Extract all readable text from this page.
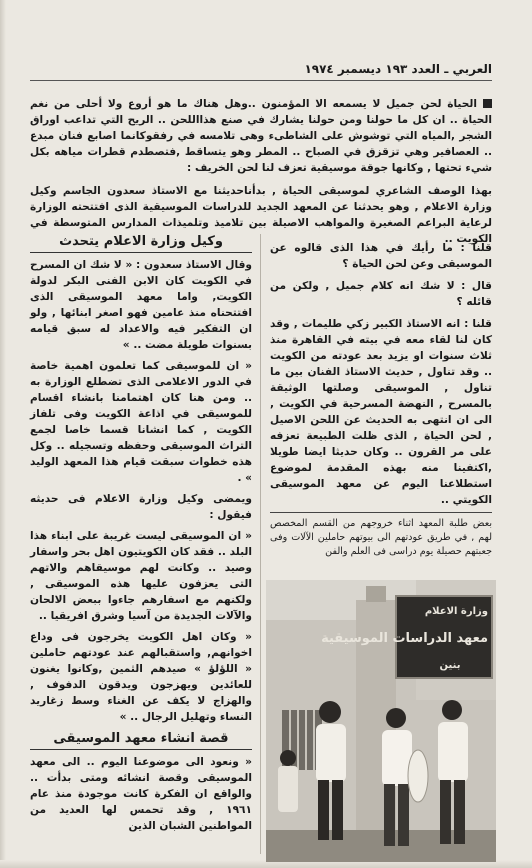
العربي ـ العدد ١٩٣ ديسمبر ١٩٧٤
الحياة لحن جميل لا يسمعه الا المؤمنون ..وهل هناك ما هو أروع ولا أحلى من نغم الحياة .. ان كل ما حولنا ومن حولنا يشارك في صنع هذااللحن .. الريح التي تداعب اوراق الشجر ,المياه التي توشوش على الشاطىء وهى تلامسه في رفقوكانما اصابع فنان مبدع .. العصافير وهي تزقزق في الصباح .. المطر وهو يتساقط ,فتصطدم قطرات مياهه بكل شيء تحتها , وكانها جوقة موسيقية تعزف لنا لحن الخريف :
بهذا الوصف الشاعري لموسيقى الحياة , بدأناحديثنا مع الاستاذ سعدون الجاسم وكيل وزارة الاعلام , وهو يحدثنا عن المعهد الجديد للدراسات الموسيقية الذى افتتحته الوزارة لرعاية البراعم الصغيرة والمواهب الاصيلة بين تلاميذ وتلميذات المدارس المتوسطة في الكويت ..

قلنا : ما رأيك في هذا الذى قالوه عن الموسيقى وعن لحن الحياة ؟

قال : لا شك انه كلام جميل , ولكن من قائله ؟

قلنا : انه الاستاذ الكبير زكي طليمات , وقد كان لنا لقاء معه في بيته في القاهرة منذ ثلاث سنوات او يزيد بعد عودته من الكويت .. وقد تناول , حديث الاستاذ الفنان بين ما تناول , الموسيقى وصلتها الوثيقة بالمسرح , النهضة المسرحية في الكويت , الى ان انتهى به الحديث عن اللحن الاصيل , لحن الحياة , الذى ظلت الطبيعة تعزفه على مر القرون .. وكان حديثا ايضا طويلا ,اكتفينا منه بهذه المقدمة لموضوع استطلاعنا اليوم عن معهد الموسيقى الكويتي ..

بعض طلبة المعهد اثناء خروجهم من القسم المخصص لهم , في طريق عودتهم الى بيوتهم حاملين الآلات وفى جعبتهم حصيلة يوم دراسى فى العلم والفن
وزارة الاعلام
معهد الدراسات الموسيقية
بنين
وكيل وزارة الاعلام يتحدث

وقال الاستاذ سعدون : « لا شك ان المسرح في الكويت كان الابن الفنى البكر لدولة الكويت, واما معهد الموسيقى الذى افتتحناه منذ عامين فهو اصغر ابنائها , ولو ان التفكير فيه والاعداد له سبق قيامه بسنوات طويلة مضت .. »

« ان للموسيقى كما تعلمون اهمية خاصة في الدور الاعلامى الذى تضطلع الوزارة به .. ومن هنا كان اهتمامنا بانشاء اقسام للموسيقى في اذاعة الكويت وفى تلفاز الكويت , كما انشانا قسما خاصا لجمع التراث الموسيقى وحفظه وتسجيله .. وكل هذه خطوات سبقت قيام هذا المعهد الوليد » .

ويمضى وكيل وزارة الاعلام فى حديثه فيقول :

« ان الموسيقى ليست غريبة على ابناء هذا البلد .. فقد كان الكويتيون اهل بحر واسفار وصيد .. وكانت لهم موسيقاهم والاتهم التى يعزفون عليها هذه الموسيقى , ولكنهم مع اسفارهم جاءوا ببعض الالحان والآلات الجديدة من آسيا وشرق افريقيا ..

« وكان اهل الكويت يخرجون فى وداع اخوانهم, واستقبالهم عند عودتهم حاملين « اللؤلؤ » صيدهم الثمين ,وكانوا يغنون للعائدين ويهزجون ويدقون الدفوف , والهزاج لا يكف عن الغناء وسط زغاريد النساء وتهليل الرجال .. »

قصة انشاء معهد الموسيقى

« ونعود الى موضوعنا اليوم .. الى معهد الموسيقى وقصة انشائه ومتى بدأت .. والواقع ان الفكرة كانت موجودة منذ عام ١٩٦١ , وقد تحمس لها العديد من المواطنين الشبان الذين
